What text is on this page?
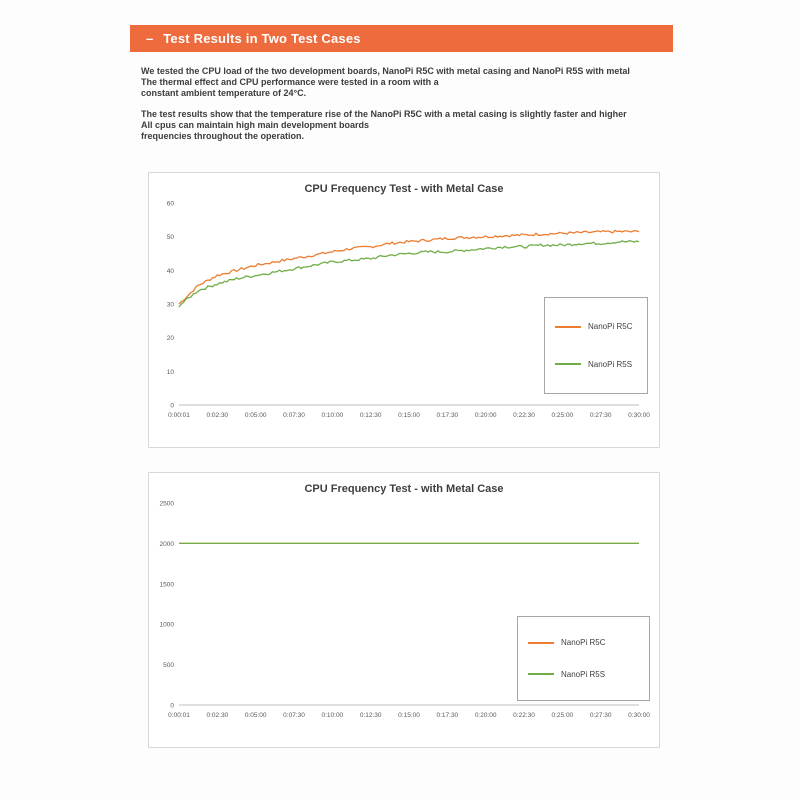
– Test Results in Two Test Cases

We tested the CPU load of the two development boards, NanoPi R5C with metal casing and NanoPi R5S with metal
The thermal effect and CPU performance were tested in a room with a
constant ambient temperature of 24°C.

The test results show that the temperature rise of the NanoPi R5C with a metal casing is slightly faster and higher
All cpus can maintain high main development boards
frequencies throughout the operation.

CPU Frequency Test - with Metal Case
0
10
20
30
40
50
60
0:00:01	0:02:30	0:05:00	0:07:30	0:10:00	0:12:30	0:15:00	0:17:30	0:20:00	0:22:30	0:25:00	0:27:30	0:30:00
NanoPi R5C
NanoPi R5S
CPU Frequency Test - with Metal Case
0
500
1000
1500
2000
2500
0:00:01	0:02:30	0:05:00	0:07:30	0:10:00	0:12:30	0:15:00	0:17:30	0:20:00	0:22:30	0:25:00	0:27:30	0:30:00
NanoPi R5C
NanoPi R5S
